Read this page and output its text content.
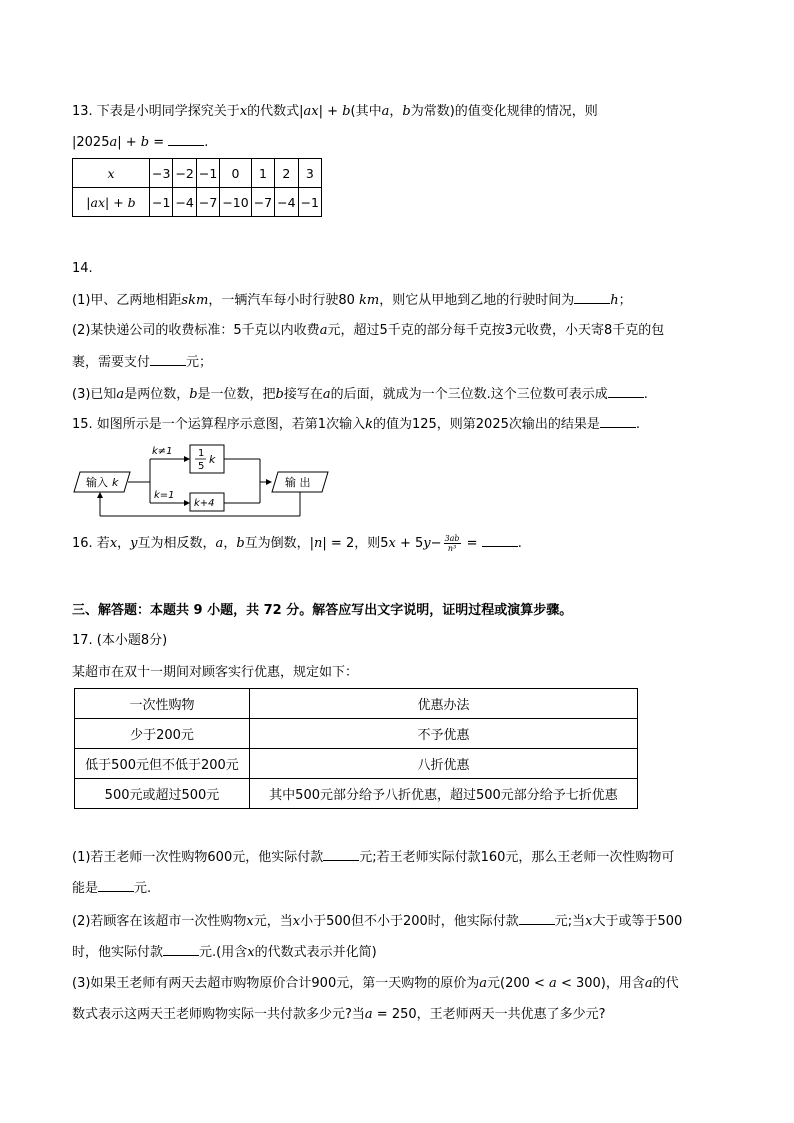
13. 下表是小明同学探究关于x的代数式|ax| + b(其中a，b为常数)的值变化规律的情况，则
|2025a| + b =	.
x	−3	−2	−1	0	1	2	3
|ax| + b	−1	−4	−7	−10	−7	−4	−1
14.
(1)甲、乙两地相距skm，一辆汽车每小时行驶80 km，则它从甲地到乙地的行驶时间为	h；
(2)某快递公司的收费标准：5千克以内收费a元，超过5千克的部分每千克按3元收费，小天寄8千克的包
裹，需要支付	元；
(3)已知a是两位数，b是一位数，把b接写在a的后面，就成为一个三位数.这个三位数可表示成	.
15. 如图所示是一个运算程序示意图，若第1次输入k的值为125，则第2025次输出的结果是	.
输入 k
k≠1	1
5
k
k=1
k+4
输 出
16. 若x，y互为相反数，a，b互为倒数，|n| = 2，则$5x + 5y- \frac{3ab}{\text{n³}}$ =	.
三、解答题：本题共 9 小题，共 72 分。解答应写出文字说明，证明过程或演算步骤。
17. (本小题8分)
某超市在双十一期间对顾客实行优惠，规定如下：
一次性购物	优惠办法
少于200元	不予优惠
低于500元但不低于200元	八折优惠
500元或超过500元	其中500元部分给予八折优惠，超过500元部分给予七折优惠
(1)若王老师一次性购物600元，他实际付款	元;若王老师实际付款160元，那么王老师一次性购物可
能是	元.
(2)若顾客在该超市一次性购物x元，当x小于500但不小于200时，他实际付款	元;当x大于或等于500
时，他实际付款	元.(用含x的代数式表示并化简)
(3)如果王老师有两天去超市购物原价合计900元，第一天购物的原价为a元(200 < a < 300)，用含a的代
数式表示这两天王老师购物实际一共付款多少元?当a = 250，王老师两天一共优惠了多少元?
